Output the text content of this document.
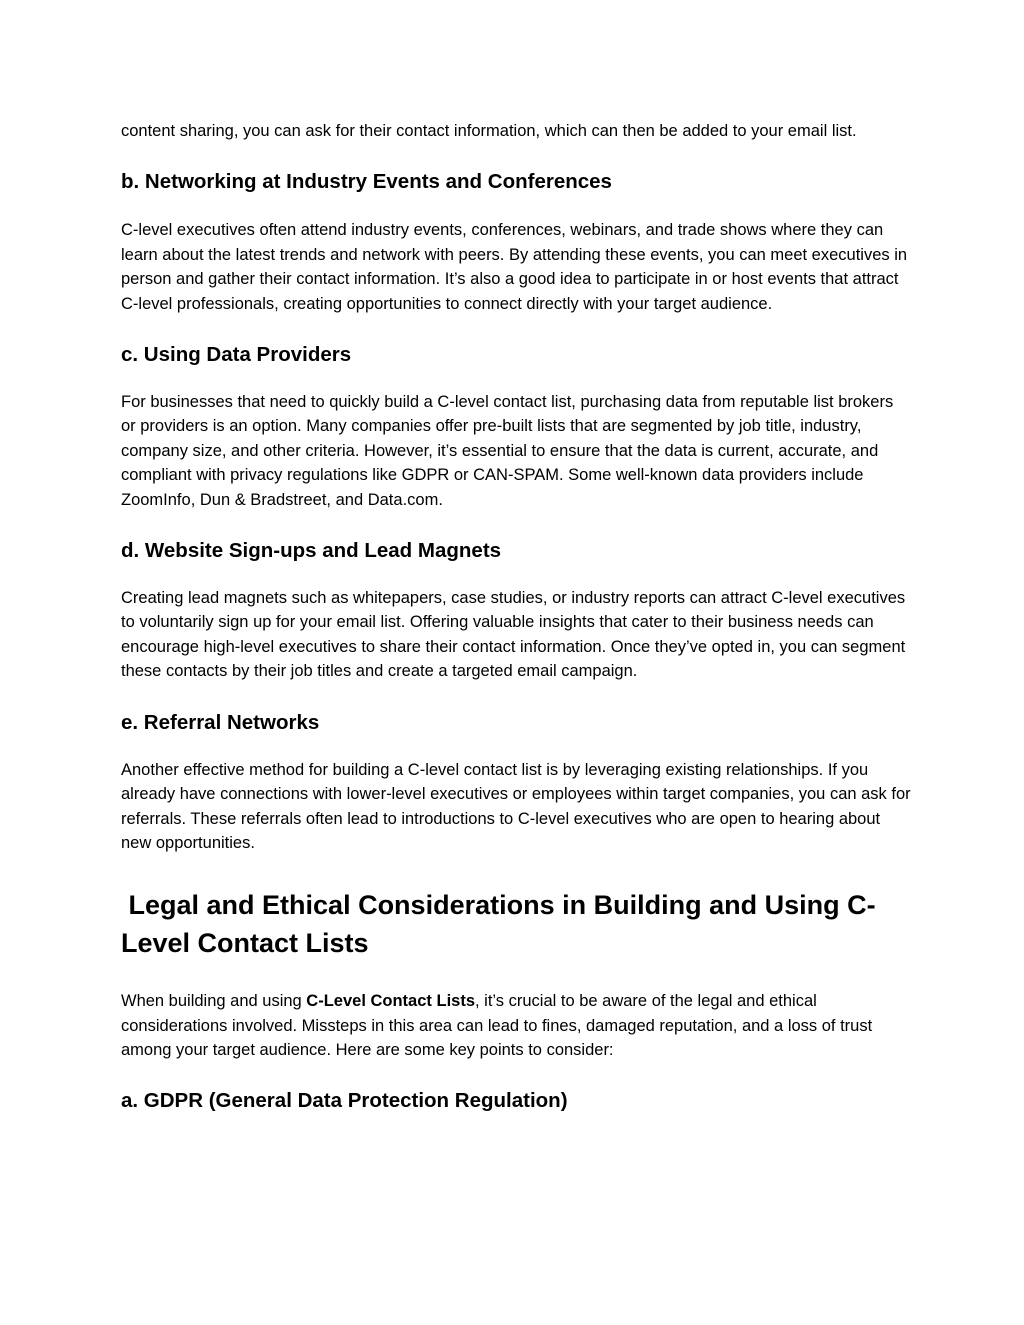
content sharing, you can ask for their contact information, which can then be added to your email list.

b. Networking at Industry Events and Conferences

C-level executives often attend industry events, conferences, webinars, and trade shows where they can learn about the latest trends and network with peers. By attending these events, you can meet executives in person and gather their contact information. It’s also a good idea to participate in or host events that attract C-level professionals, creating opportunities to connect directly with your target audience.

c. Using Data Providers

For businesses that need to quickly build a C-level contact list, purchasing data from reputable list brokers or providers is an option. Many companies offer pre-built lists that are segmented by job title, industry, company size, and other criteria. However, it’s essential to ensure that the data is current, accurate, and compliant with privacy regulations like GDPR or CAN-SPAM. Some well-known data providers include ZoomInfo, Dun & Bradstreet, and Data.com.

d. Website Sign-ups and Lead Magnets

Creating lead magnets such as whitepapers, case studies, or industry reports can attract C-level executives to voluntarily sign up for your email list. Offering valuable insights that cater to their business needs can encourage high-level executives to share their contact information. Once they’ve opted in, you can segment these contacts by their job titles and create a targeted email campaign.

e. Referral Networks

Another effective method for building a C-level contact list is by leveraging existing relationships. If you already have connections with lower-level executives or employees within target companies, you can ask for referrals. These referrals often lead to introductions to C-level executives who are open to hearing about new opportunities.

Legal and Ethical Considerations in Building and Using C-Level Contact Lists

When building and using C-Level Contact Lists, it’s crucial to be aware of the legal and ethical considerations involved. Missteps in this area can lead to fines, damaged reputation, and a loss of trust among your target audience. Here are some key points to consider:

a. GDPR (General Data Protection Regulation)
